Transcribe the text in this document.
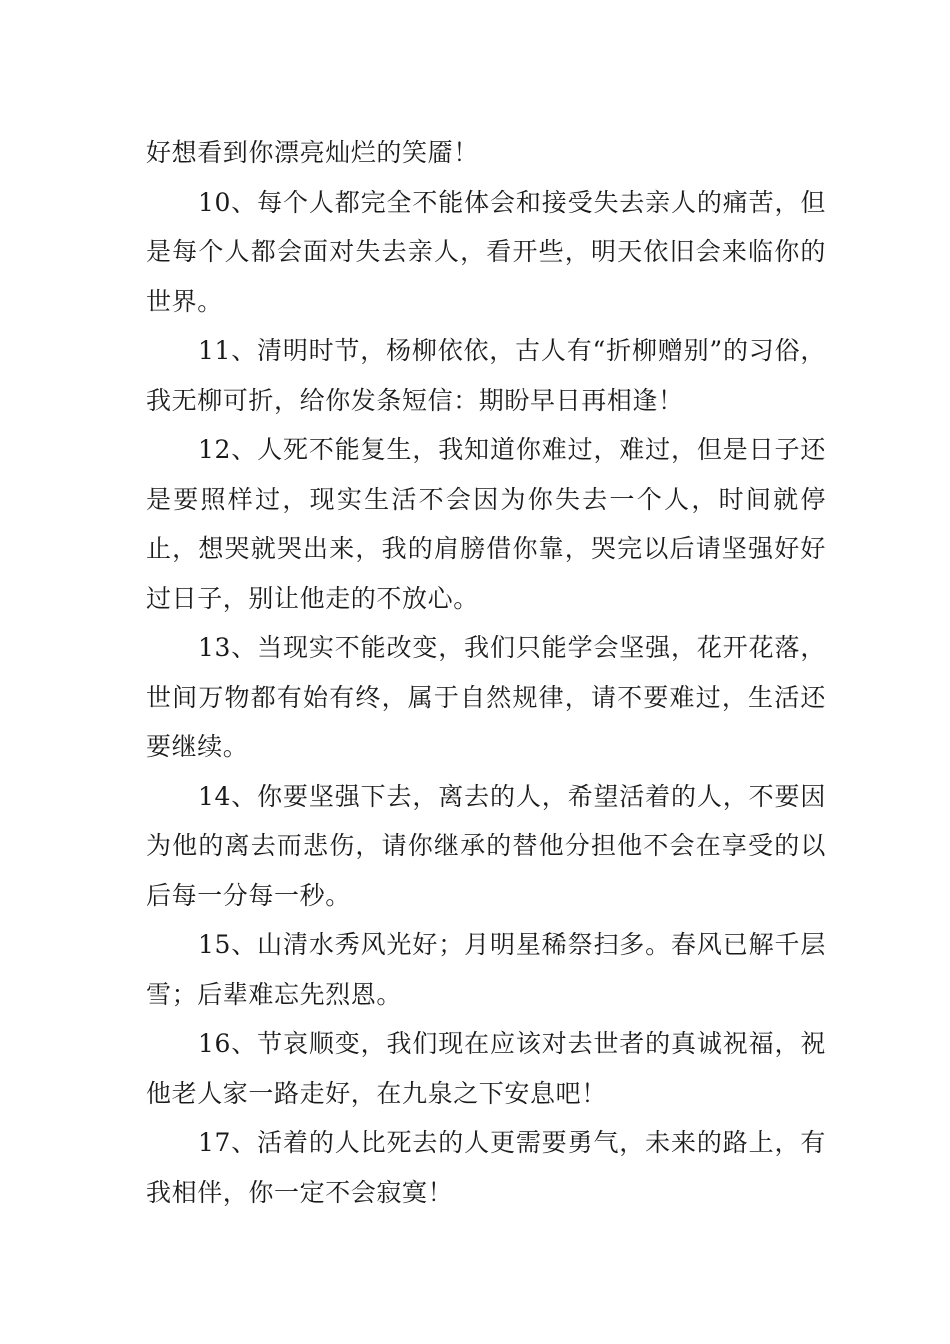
好想看到你漂亮灿烂的笑靥！

10、每个人都完全不能体会和接受失去亲人的痛苦，但是每个人都会面对失去亲人，看开些，明天依旧会来临你的世界。

11、清明时节，杨柳依依，古人有“折柳赠别”的习俗，我无柳可折，给你发条短信：期盼早日再相逢！

12、人死不能复生，我知道你难过，难过，但是日子还是要照样过，现实生活不会因为你失去一个人，时间就停止，想哭就哭出来，我的肩膀借你靠，哭完以后请坚强好好过日子，别让他走的不放心。

13、当现实不能改变，我们只能学会坚强，花开花落，世间万物都有始有终，属于自然规律，请不要难过，生活还要继续。

14、你要坚强下去，离去的人，希望活着的人，不要因为他的离去而悲伤，请你继承的替他分担他不会在享受的以后每一分每一秒。

15、山清水秀风光好；月明星稀祭扫多。春风已解千层雪；后辈难忘先烈恩。

16、节哀顺变，我们现在应该对去世者的真诚祝福，祝他老人家一路走好，在九泉之下安息吧！

17、活着的人比死去的人更需要勇气，未来的路上，有我相伴，你一定不会寂寞！
